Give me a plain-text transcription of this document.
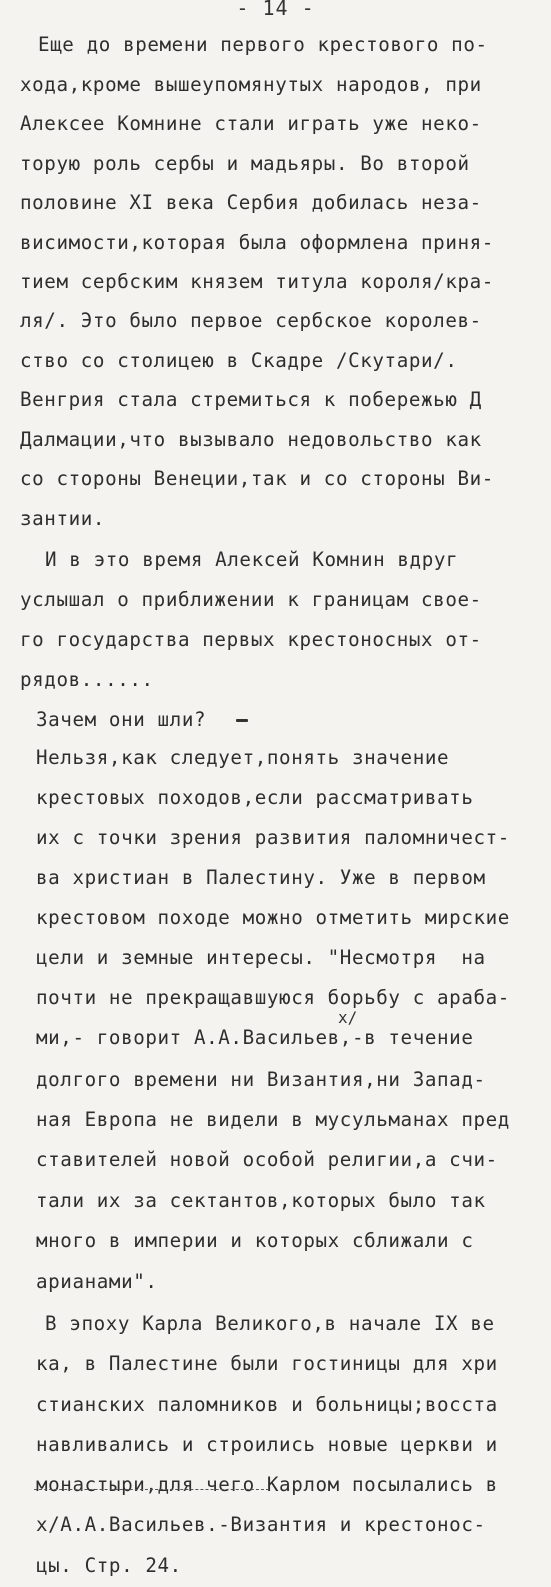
- 14 -
Еще до времени первого крестового по-
хода,кроме вышеупомянутых народов, при
Алексее Комнине стали играть уже неко-
торую роль сербы и мадьяры. Во второй
половине XI века Сербия добилась неза-
висимости,которая была оформлена приня-
тием сербским князем титула короля/кра-
ля/. Это было первое сербское королев-
ство со столицею в Скадре /Скутари/.
Венгрия стала стремиться к побережью Д
Далмации,что вызывало недовольство как
со стороны Венеции,так и со стороны Ви-
зантии.
И в это время Алексей Комнин вдруг
услышал о приближении к границам свое-
го государства первых крестоносных от-
рядов......
Зачем они шли?
Нельзя,как следует,понять значение
крестовых походов,если рассматривать
их с точки зрения развития паломничест-
ва христиан в Палестину. Уже в первом
крестовом походе можно отметить мирские
цели и земные интересы. "Несмотря  на
почти не прекращавшуюся борьбу с араба-
x/
ми,- говорит А.А.Васильев,-в течение
долгого времени ни Византия,ни Запад-
ная Европа не видели в мусульманах пред
ставителей новой особой религии,а счи-
тали их за сектантов,которых было так
много в империи и которых сближали с
арианами".
В эпоху Карла Великого,в начале IX ве
ка, в Палестине были гостиницы для хри
стианских паломников и больницы;восста
навливались и строились новые церкви и
монастыри,для чего Карлом посылались в
x/А.А.Васильев.-Византия и крестонос-
цы. Стр. 24.
